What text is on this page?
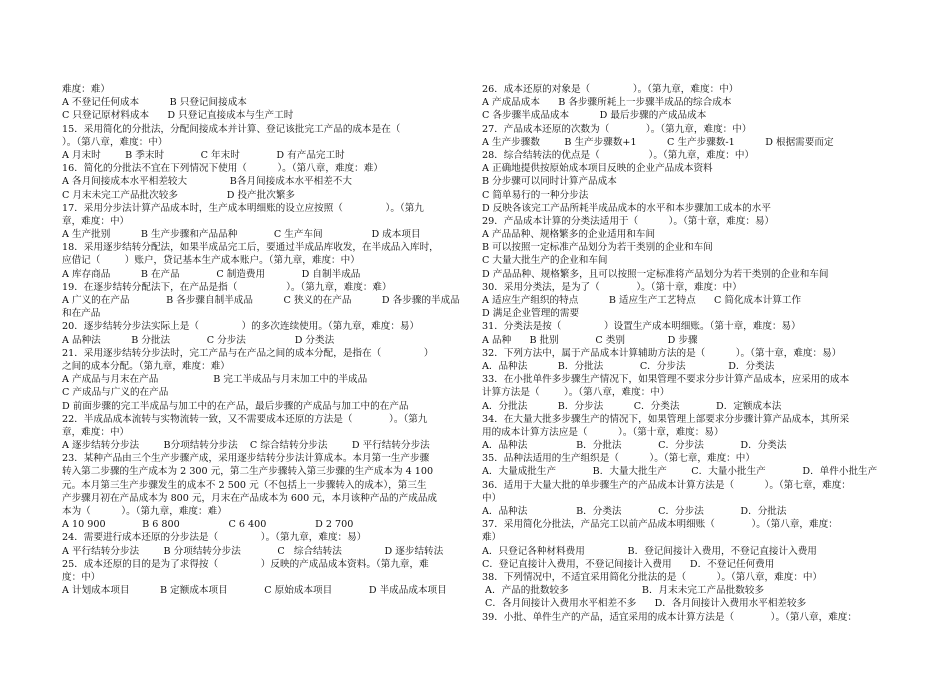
难度：难）
A 不登记任何成本          B 只登记间接成本
C 只登记原材料成本      D 只登记直接成本与生产工时
15．采用简化的分批法，分配间接成本并计算、登记该批完工产品的成本是在（
）。（第八章，难度：中）
A 月末时        B 季末时            C 年末时            D 有产品完工时
16．简化的分批法不宜在下列情况下使用（          ）。（第八章，难度：难）
A 各月间接成本水平相差较大              B各月间接成本水平相差不大
C 月末未完工产品批次较多                D 投产批次繁多
17．采用分步法计算产品成本时，生产成本明细账的设立应按照（              ）。（第九
章，难度：中）
A 生产批别          B 生产步骤和产品品种            C 生产车间                D 成本项目
18．采用逐步结转分配法，如果半成品完工后，要通过半成品库收发，在半成品入库时，
应借记（        ）账户，贷记基本生产成本账户。（第九章，难度：中）
A 库存商品          B 在产品            C 制造费用            D 自制半成品
19．在逐步结转分配法下，在产品是指（                ）。（第九章，难度：难）
A 广义的在产品            B 各步骤自制半成品          C 狭义的在产品          D 各步骤的半成品
和在产品
20．逐步结转分步法实际上是（              ）的多次连续使用。（第九章，难度：易）
A 品种法          B 分批法            C 分步法                D 分类法
21．采用逐步结转分步法时，完工产品与在产品之间的成本分配，是指在（              ）
之间的成本分配。（第九章，难度：难）
A 产成品与月末在产品                  B 完工半成品与月末加工中的半成品
C 产成品与广义的在产品
D 前面步骤的完工半成品与加工中的在产品，最后步骤的产成品与加工中的在产品
22．半成品成本流转与实物流转一致，又不需要成本还原的方法是（            ）。（第九
章，难度：中）
A 逐步结转分步法        B分项结转分步法    C 综合结转分步法        D 平行结转分步法
23．某种产品由三个生产步骤产成，采用逐步结转分步法计算成本。本月第一生产步骤
转入第二步骤的生产成本为 2 300 元，第二生产步骤转入第三步骤的生产成本为 4 100
元。本月第三生产步骤发生的成本不 2 500 元（不包括上一步骤转入的成本），第三生
产步骤月初在产品成本为 800 元，月末在产品成本为 600 元，本月该种产品的产成品成
本为（          ）。（第九章，难度：难）
A 10 900            B 6 800                C 6 400                D 2 700
24．需要进行成本还原的分步法是（              ）。（第九章，难度：易）
A 平行结转分步法        B 分项结转分步法            C   综合结转法              D 逐步结转法
25．成本还原的目的是为了求得按（              ）反映的产成品成本资料。（第九章，难
度：中）
A 计划成本项目          B 定额成本项目            C 原始成本项目            D 半成品成本项目
26．成本还原的对象是（              ）。（第九章，难度：中）
A 产成品成本      B 各步骤所耗上一步骤半成品的综合成本
C 各步骤半成品成本          D 最后步骤的产成品成本
27．产品成本还原的次数为（            ）。（第九章，难度：中）
A 生产步骤数        B 生产步骤数+1          C 生产步骤数-1          D 根据需要而定
28．综合结转法的优点是（                ）。（第九章，难度：中）
A 正确地提供按原始成本项目反映的企业产品成本资料
B 分步骤可以同时计算产品成本
C 简单易行的一种分步法
D 反映各该完工产品所耗半成品成本的水平和本步骤加工成本的水平
29．产品成本计算的分类法适用于（          ）。（第十章，难度：易）
A 产品品种、规格繁多的企业适用和车间
B 可以按照一定标准产品划分为若干类别的企业和车间
C 大量大批生产的企业和车间
D 产品品种、规格繁多，且可以按照一定标准将产品划分为若干类别的企业和车间
30．采用分类法，是为了（            ）。（第十章，难度：中）
A 适应生产组织的特点          B 适应生产工艺特点      C 简化成本计算工作
D 满足企业管理的需要
31．分类法是按（              ）设置生产成本明细账。（第十章，难度：易）
A 品种      B 批别            C 类别              D 步骤
32．下列方法中，属于产品成本计算辅助方法的是（          ）。（第十章，难度：易）
A．品种法          B．分批法            C．分步法              D．分类法
33．在小批单件多步骤生产情况下，如果管理不要求分步计算产品成本，应采用的成本
计算方法是（        ）。（第八章，难度：中）
A．分批法          B．分步法          C．分类法            D．定额成本法
34．在大量大批多步骤生产的情况下，如果管理上部要求分步骤计算产品成本，其所采
用的成本计算方法应是（          ）。（第十章，难度：易）
A．品种法                B．分批法            C．分步法            D．分类法
35．品种法适用的生产组织是（          ）。（第七章，难度：中）
A．大量成批生产            B．大量大批生产        C．大量小批生产            D．单件小批生产
36．适用于大量大批的单步骤生产的产品成本计算方法是（          ）。（第七章，难度：
中）
A．品种法                B．分类法            C．分步法            D．分批法
37．采用简化分批法，产品完工以前产品成本明细账（            ）。（第八章，难度：
难）
A．只登记各种材料费用              B．登记间接计入费用，不登记直接计入费用
C．登记直接计入费用，不登记间接计入费用      D．不登记任何费用
38．下列情况中，不适宜采用简化分批法的是（          ）。（第八章，难度：中）
A．产品的批数较多                        B．月末未完工产品批数较多
C．各月间接计入费用水平相差不多      D．各月间接计入费用水平相差较多
39．小批、单件生产的产品，适宜采用的成本计算方法是（            ）。（第八章，难度：
